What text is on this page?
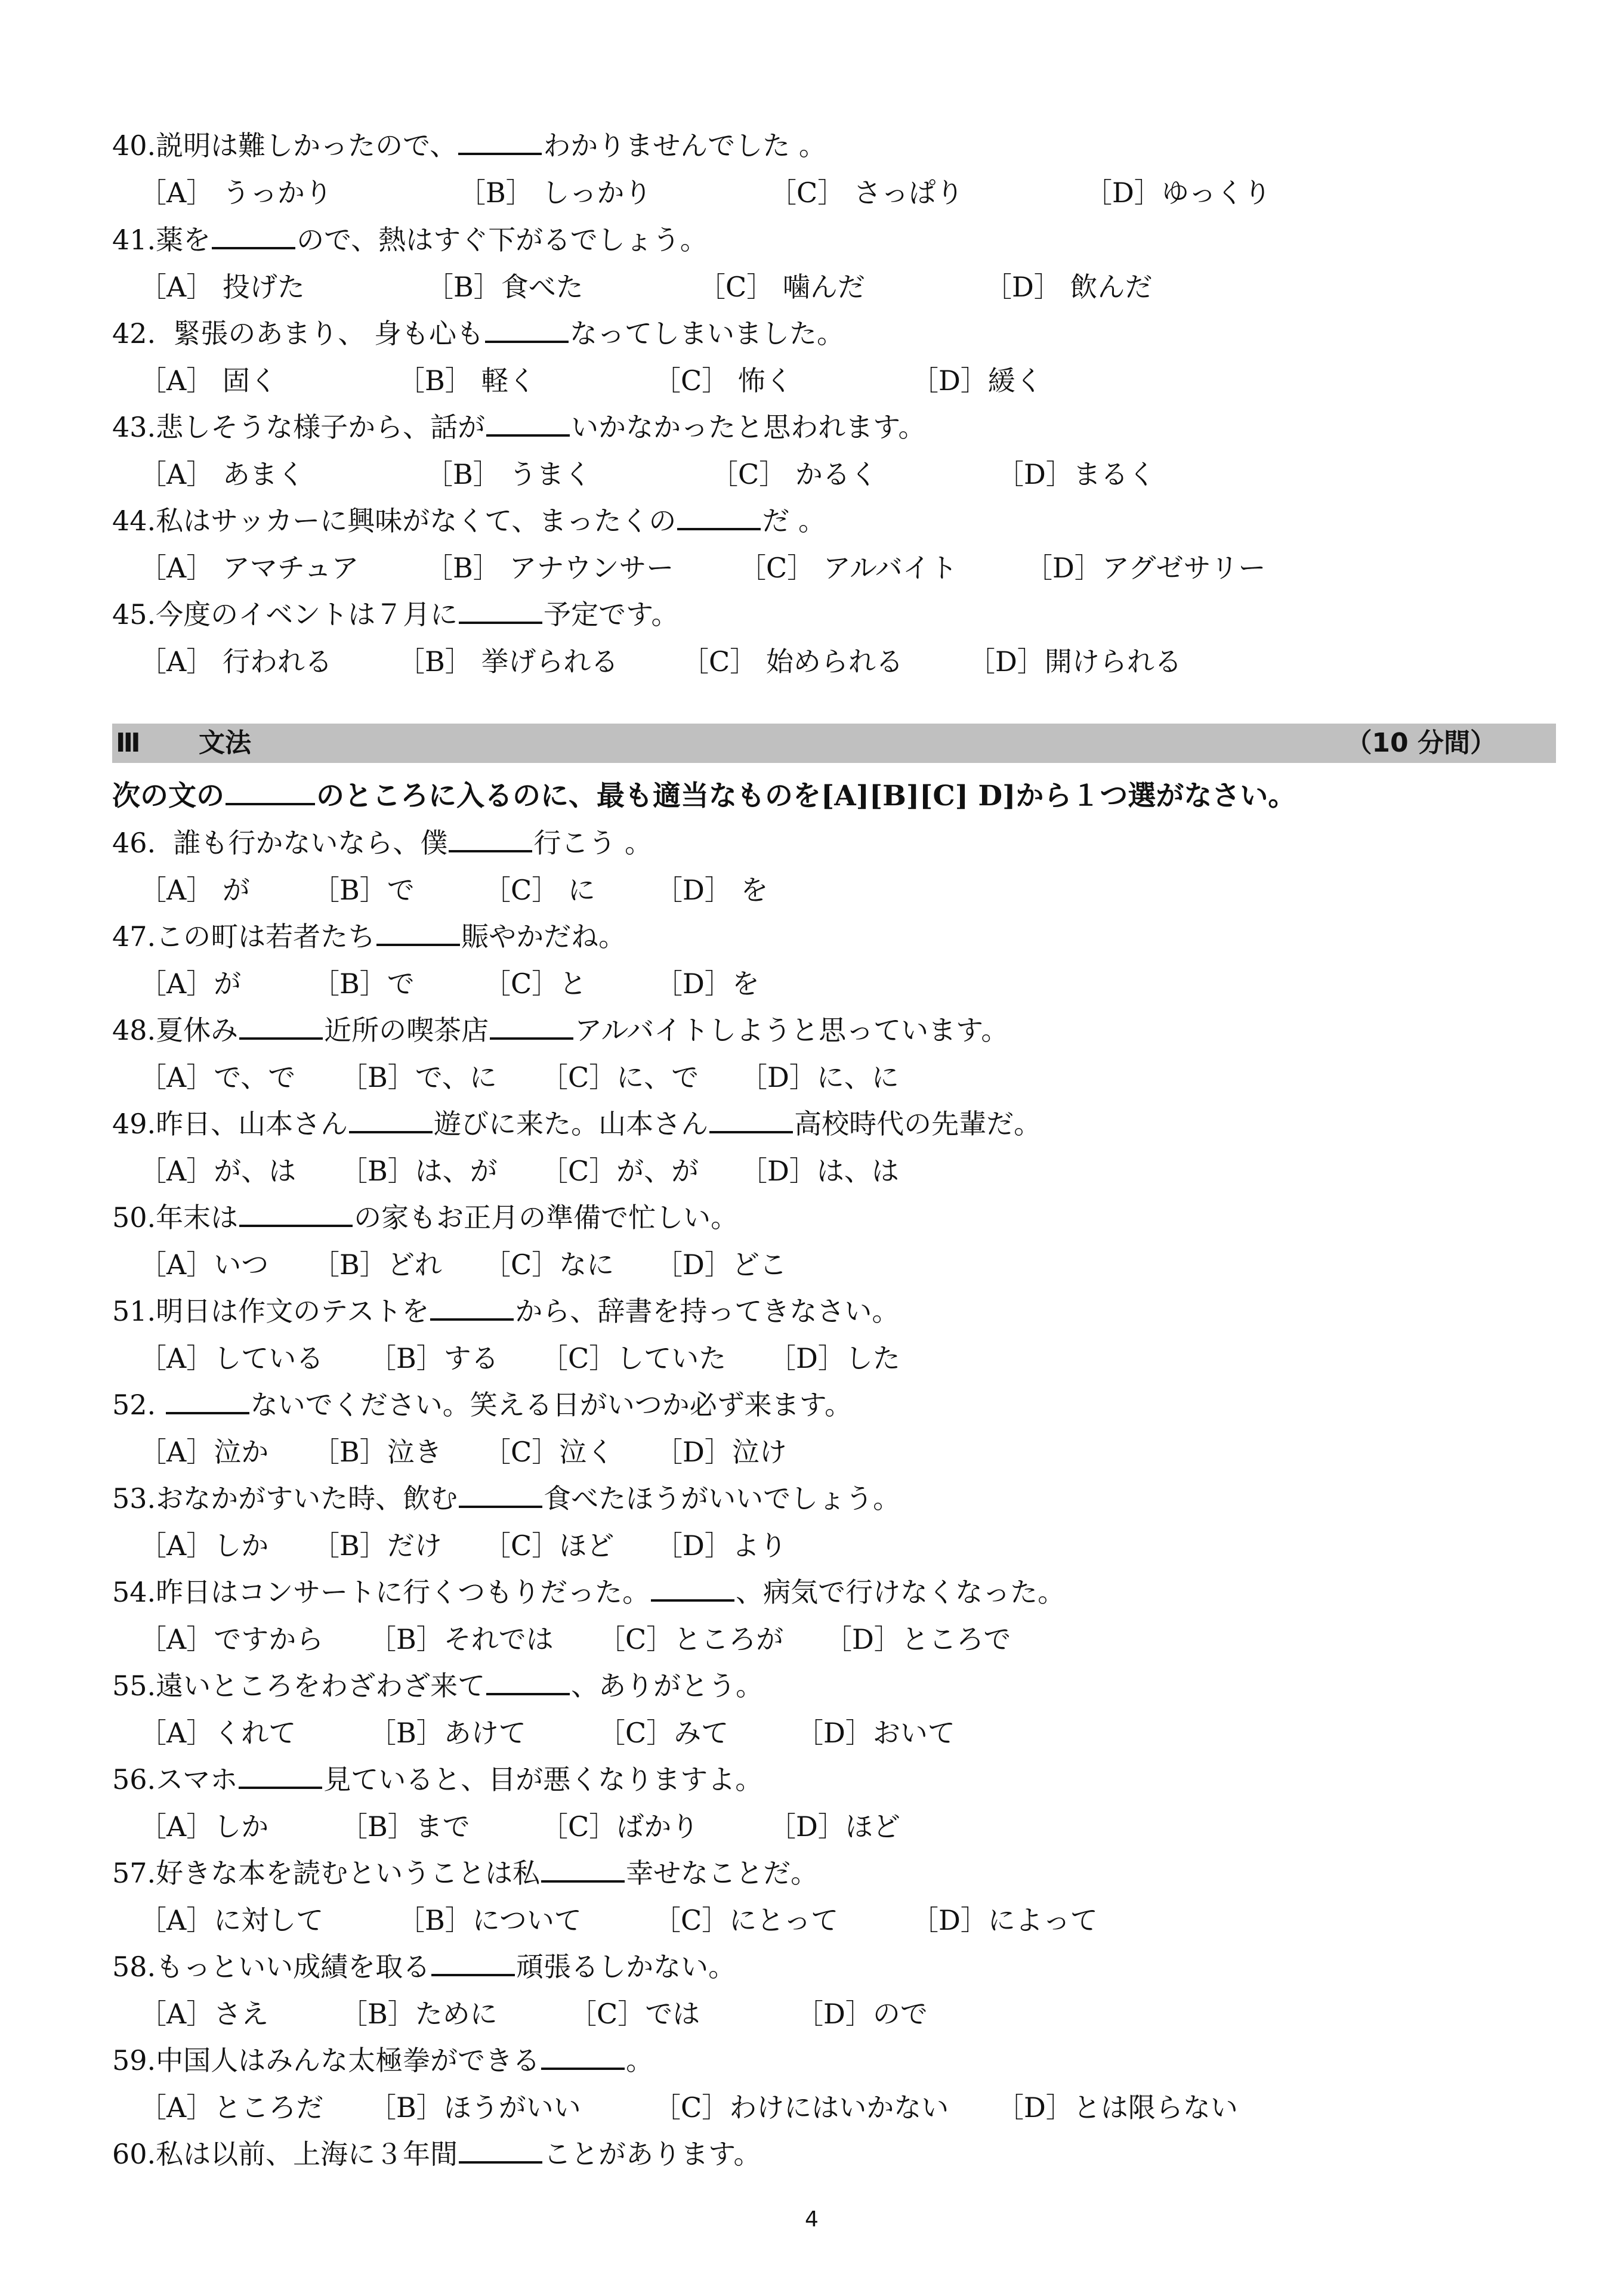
40.説明は難しかったので、	わかりませんでした 。
［A］ うっかり	［B］ しっかり	［C］ さっぱり	［D］ゆっくり
41.薬を	ので、熱はすぐ下がるでしょう。
［A］ 投げた	［B］食べた	［C］ 噛んだ	［D］ 飲んだ
42.  緊張のあまり、 身も心も	なってしまいました。
［A］ 固く	［B］ 軽く	［C］ 怖く	［D］緩く
43.悲しそうな様子から、話が	いかなかったと思われます。
［A］ あまく	［B］ うまく	［C］ かるく	［D］まるく
44.私はサッカーに興味がなくて、まったくの	だ 。
［A］ アマチュア ［B］ アナウンサー ［C］ アルバイト ［D］アグゼサリー
45.今度のイベントは７月に	予定です。
［A］ 行われる ［B］ 挙げられる ［C］ 始められる ［D］開けられる
Ⅲ 文法	（10 分間）
次の文の	のところに入るのに、最も適当なものを[A][B][C] D]から１つ選がなさい。
46.  誰も行かないなら、僕	行こう 。
［A］ が ［B］で	［C］ に ［D］ を
47.この町は若者たち	賑やかだね。
［A］が	［B］で	［C］と ［D］を
48.夏休み	近所の喫茶店	アルバイトしようと思っています。
［A］で、で ［B］で、に ［C］に、で ［D］に、に
49.昨日、山本さん	遊びに来た。山本さん	高校時代の先輩だ。
［A］が、は ［B］は、が ［C］が、が ［D］は、は
50.年末は	の家もお正月の準備で忙しい。
［A］いつ ［B］どれ ［C］なに ［D］どこ
51.明日は作文のテストを	から、辞書を持ってきなさい。
［A］している ［B］する ［C］していた ［D］した
52.	ないでください。笑える日がいつか必ず来ます。
［A］泣か ［B］泣き ［C］泣く ［D］泣け
53.おなかがすいた時、飲む	食べたほうがいいでしょう。
［A］しか ［B］だけ ［C］ほど ［D］より
54.昨日はコンサートに行くつもりだった。	、病気で行けなくなった。
［A］ですから ［B］それでは ［C］ところが ［D］ところで
55.遠いところをわざわざ来て	、ありがとう。
［A］くれて	［B］あけて	［C］みて ［D］おいて
56.スマホ	見ていると、目が悪くなりますよ。
［A］しか	［B］まで	［C］ばかり	［D］ほど
57.好きな本を読むということは私	幸せなことだ。
［A］に対して	［B］について	［C］にとって	［D］によって
58.もっといい成績を取る	頑張るしかない。
［A］さえ	［B］ために	［C］では	［D］ので
59.中国人はみんな太極拳ができる	。
［A］ところだ ［B］ほうがいい	［C］わけにはいかない ［D］とは限らない
60.私は以前、上海に３年間	ことがあります。
4
